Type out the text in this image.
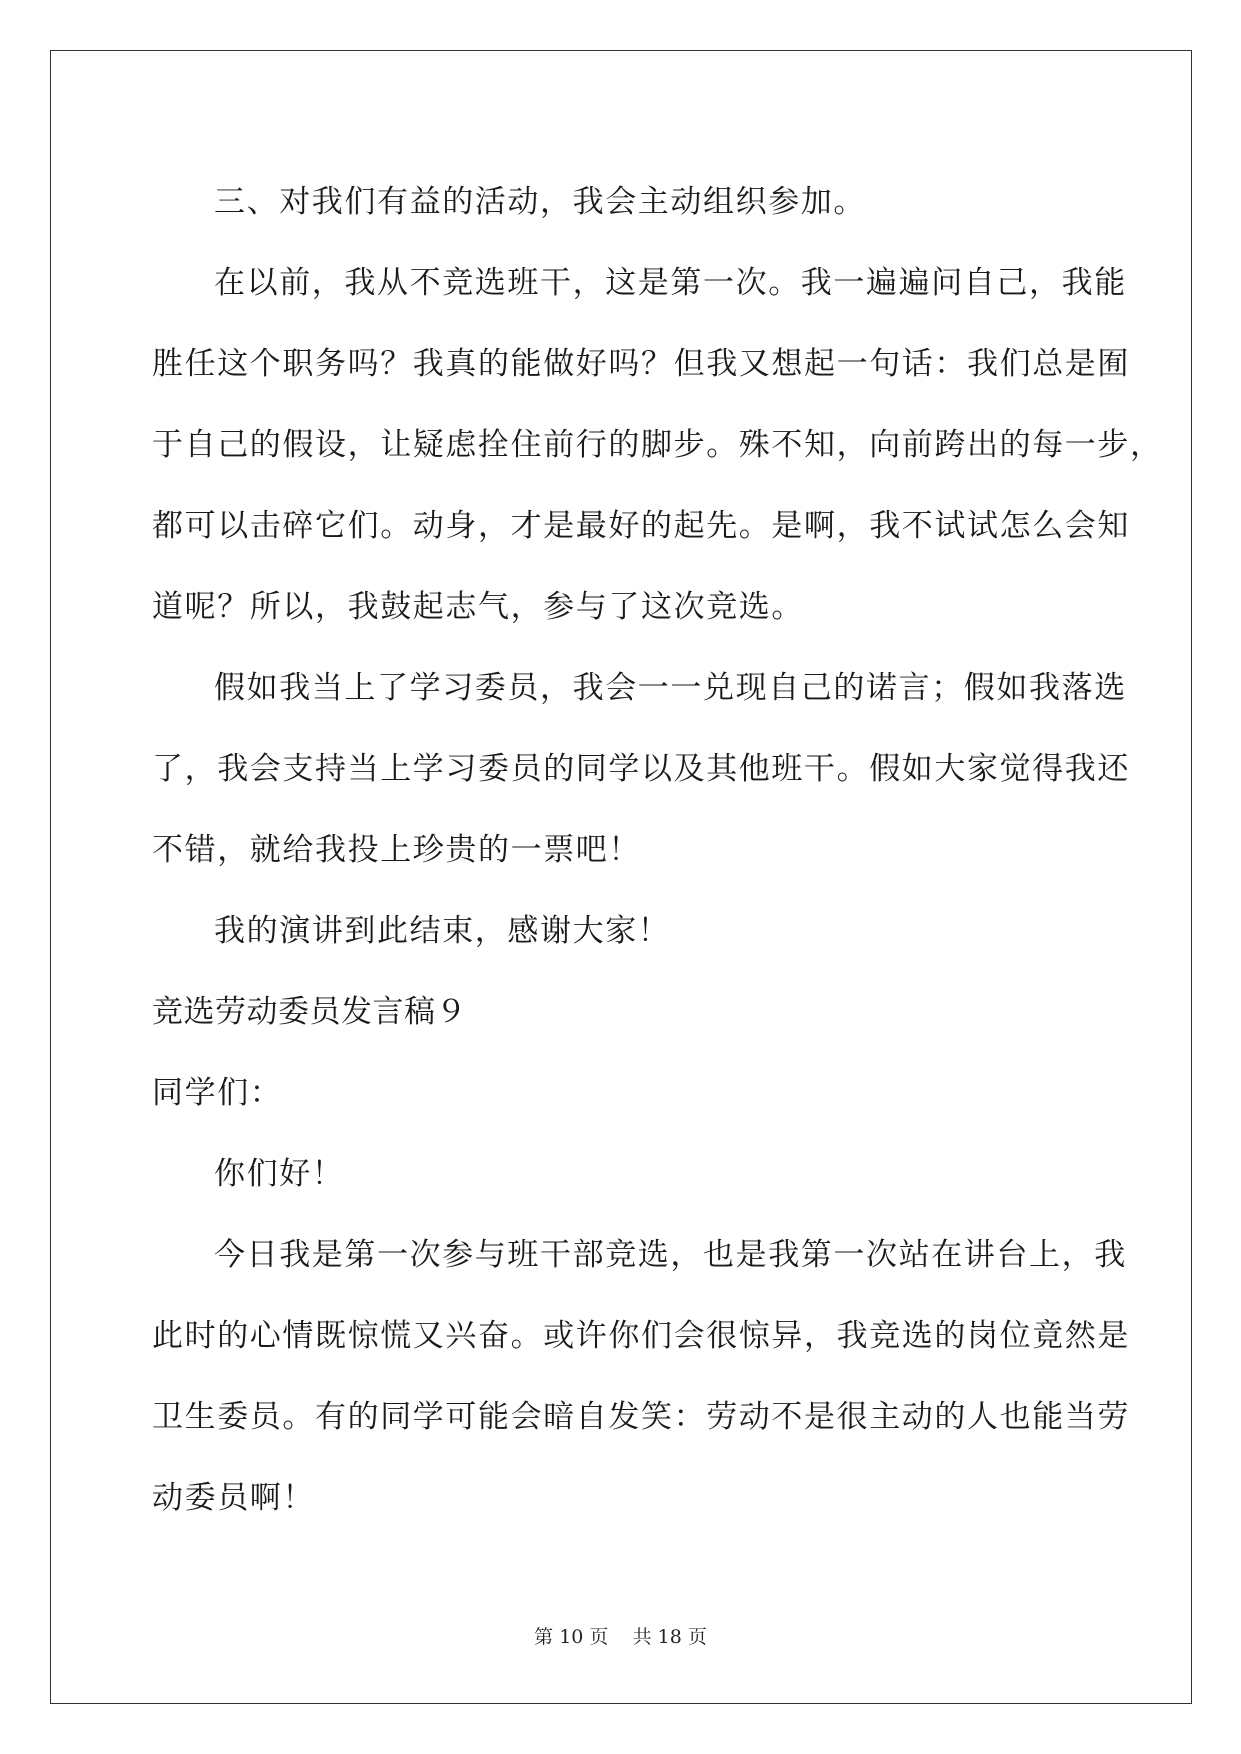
三、对我们有益的活动，我会主动组织参加。
在以前，我从不竞选班干，这是第一次。我一遍遍问自己，我能
胜任这个职务吗？我真的能做好吗？但我又想起一句话：我们总是囿
于自己的假设，让疑虑拴住前行的脚步。殊不知，向前跨出的每一步，
都可以击碎它们。动身，才是最好的起先。是啊，我不试试怎么会知
道呢？所以，我鼓起志气，参与了这次竞选。
假如我当上了学习委员，我会一一兑现自己的诺言；假如我落选
了，我会支持当上学习委员的同学以及其他班干。假如大家觉得我还
不错，就给我投上珍贵的一票吧！
我的演讲到此结束，感谢大家！
竞选劳动委员发言稿９
同学们：
你们好！
今日我是第一次参与班干部竞选，也是我第一次站在讲台上，我
此时的心情既惊慌又兴奋。或许你们会很惊异，我竞选的岗位竟然是
卫生委员。有的同学可能会暗自发笑：劳动不是很主动的人也能当劳
动委员啊！
第 10 页    共 18 页
